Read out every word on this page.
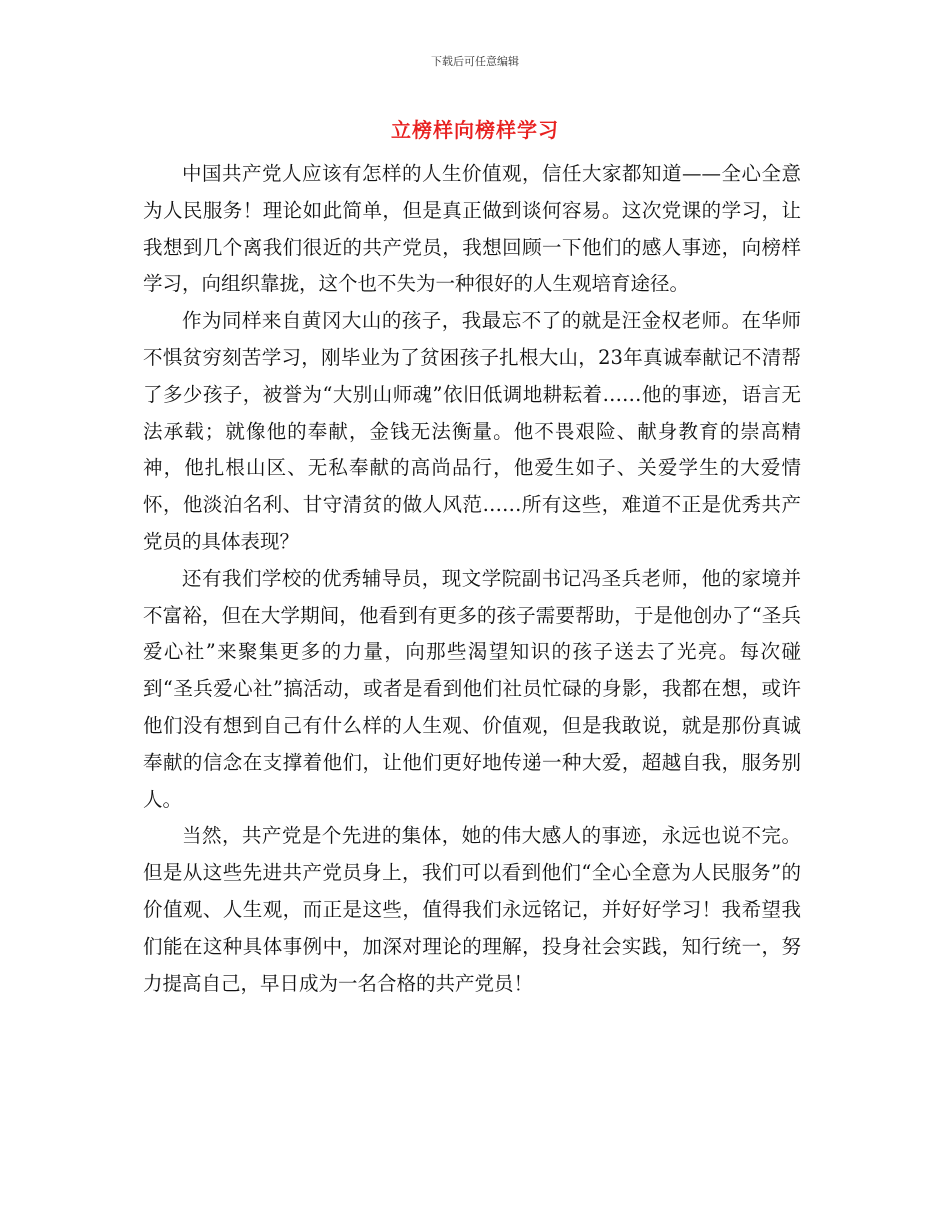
下载后可任意编辑
立榜样向榜样学习

中国共产党人应该有怎样的人生价值观，信任大家都知道——全心全意为人民服务！理论如此简单，但是真正做到谈何容易。这次党课的学习，让我想到几个离我们很近的共产党员，我想回顾一下他们的感人事迹，向榜样学习，向组织靠拢，这个也不失为一种很好的人生观培育途径。

作为同样来自黄冈大山的孩子，我最忘不了的就是汪金权老师。在华师不惧贫穷刻苦学习，刚毕业为了贫困孩子扎根大山，23年真诚奉献记不清帮了多少孩子，被誉为“大别山师魂”依旧低调地耕耘着……他的事迹，语言无法承载；就像他的奉献，金钱无法衡量。他不畏艰险、献身教育的崇高精神，他扎根山区、无私奉献的高尚品行，他爱生如子、关爱学生的大爱情怀，他淡泊名利、甘守清贫的做人风范……所有这些，难道不正是优秀共产党员的具体表现？

还有我们学校的优秀辅导员，现文学院副书记冯圣兵老师，他的家境并不富裕，但在大学期间，他看到有更多的孩子需要帮助，于是他创办了“圣兵爱心社”来聚集更多的力量，向那些渴望知识的孩子送去了光亮。每次碰到“圣兵爱心社”搞活动，或者是看到他们社员忙碌的身影，我都在想，或许他们没有想到自己有什么样的人生观、价值观，但是我敢说，就是那份真诚奉献的信念在支撑着他们，让他们更好地传递一种大爱，超越自我，服务别人。

当然，共产党是个先进的集体，她的伟大感人的事迹，永远也说不完。但是从这些先进共产党员身上，我们可以看到他们“全心全意为人民服务”的价值观、人生观，而正是这些，值得我们永远铭记，并好好学习！我希望我们能在这种具体事例中，加深对理论的理解，投身社会实践，知行统一，努力提高自己，早日成为一名合格的共产党员！
